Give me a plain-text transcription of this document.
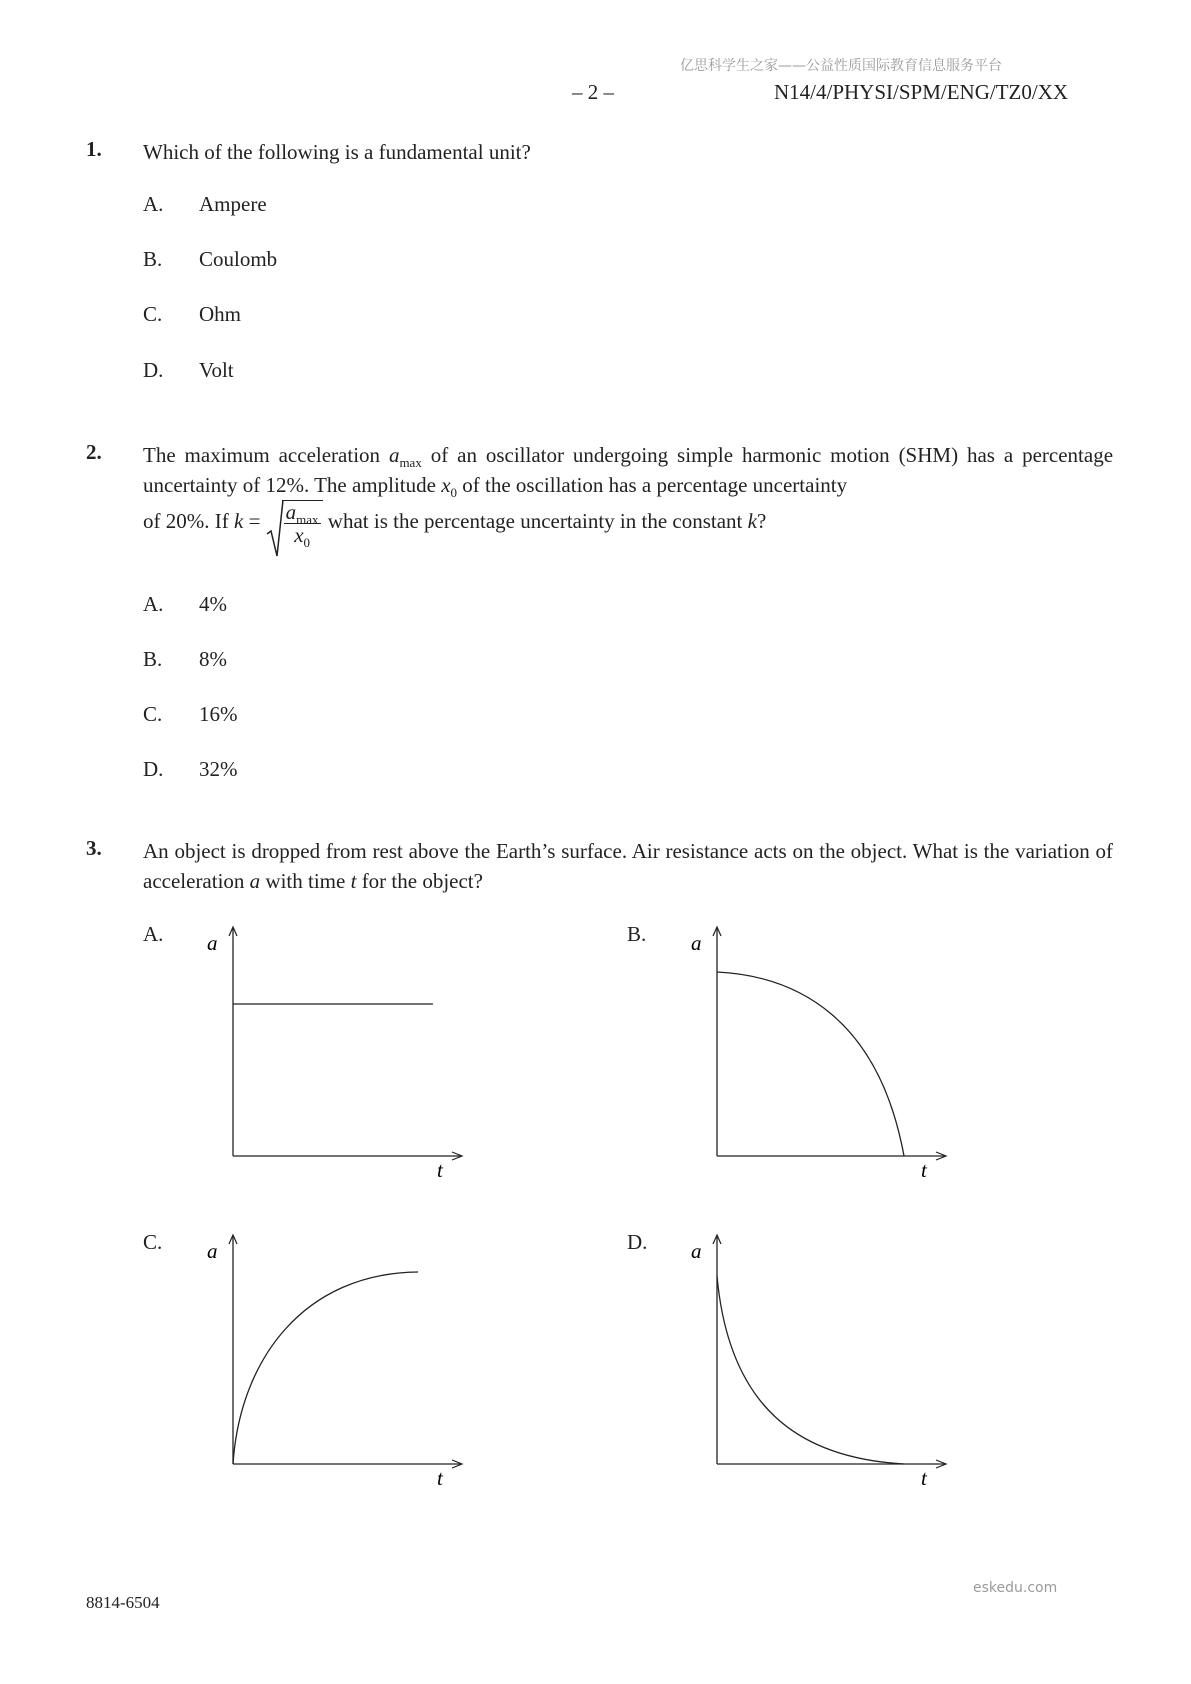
亿思科学生之家——公益性质国际教育信息服务平台
– 2 –	N14/4/PHYSI/SPM/ENG/TZ0/XX
1. Which of the following is a fundamental unit?
A. Ampere
B. Coulomb
C. Ohm
D. Volt
2. The maximum acceleration $a_{max}$ of an oscillator undergoing simple harmonic motion (SHM) has a percentage uncertainty of 12%. The amplitude $x_0$ of the oscillation has a percentage uncertainty
of 20%. If $k = \frac{a_{max}}{x_0}$ what is the percentage uncertainty in the constant k?
A. 4%
B. 8%
C. 16%
D. 32%
3. An object is dropped from rest above the Earth’s surface. Air resistance acts on the object. What is the variation of acceleration a with time t for the object?
A.	B.
C.	D.
a
t
a
t
a
t
a
t
eskedu.com
8814-6504
